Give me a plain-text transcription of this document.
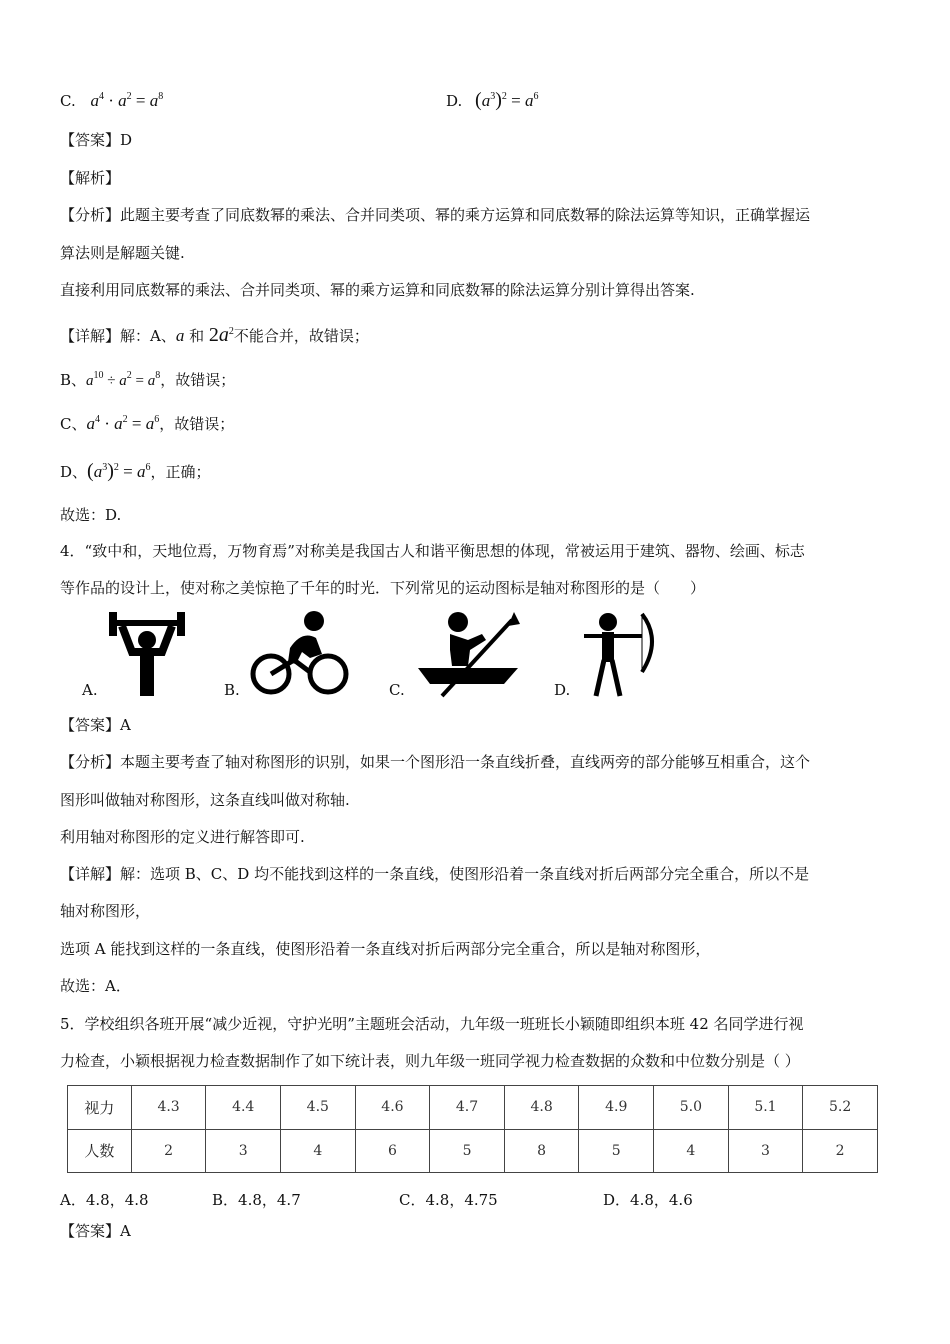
C. $a^4 \cdot a^2 = a^8$	D. $(a^3)^2 = a^6$
【答案】D
【解析】
【分析】此题主要考查了同底数幂的乘法、合并同类项、幂的乘方运算和同底数幂的除法运算等知识，正确掌握运
算法则是解题关键.
直接利用同底数幂的乘法、合并同类项、幂的乘方运算和同底数幂的除法运算分别计算得出答案.
【详解】解：A、a 和 $2a^2$不能合并，故错误；
B、$a^{10} \div a^2 = a^8$，故错误；
C、$a^4 \cdot a^2 = a^6$，故错误；
D、$(a^3)^2 = a^6$，正确；
故选：D.
4．“致中和，天地位焉，万物育焉”对称美是我国古人和谐平衡思想的体现，常被运用于建筑、器物、绘画、标志
等作品的设计上，使对称之美惊艳了千年的时光．下列常见的运动图标是轴对称图形的是（　　）
A.	B.	C.	D.
【答案】A
【分析】本题主要考查了轴对称图形的识别，如果一个图形沿一条直线折叠，直线两旁的部分能够互相重合，这个
图形叫做轴对称图形，这条直线叫做对称轴.
利用轴对称图形的定义进行解答即可.
【详解】解：选项 B、C、D 均不能找到这样的一条直线，使图形沿着一条直线对折后两部分完全重合，所以不是
轴对称图形，
选项 A 能找到这样的一条直线，使图形沿着一条直线对折后两部分完全重合，所以是轴对称图形，
故选：A．
5．学校组织各班开展“减少近视，守护光明”主题班会活动，九年级一班班长小颖随即组织本班 42 名同学进行视
力检查，小颖根据视力检查数据制作了如下统计表，则九年级一班同学视力检查数据的众数和中位数分别是（ ）
视力	4.3	4.4	4.5	4.6	4.7	4.8	4.9	5.0	5.1	5.2
人数	2	3	4	6	5	8	5	4	3	2
A．4.8，4.8	B．4.8，4.7	C．4.8，4.75	D．4.8，4.6
【答案】A
